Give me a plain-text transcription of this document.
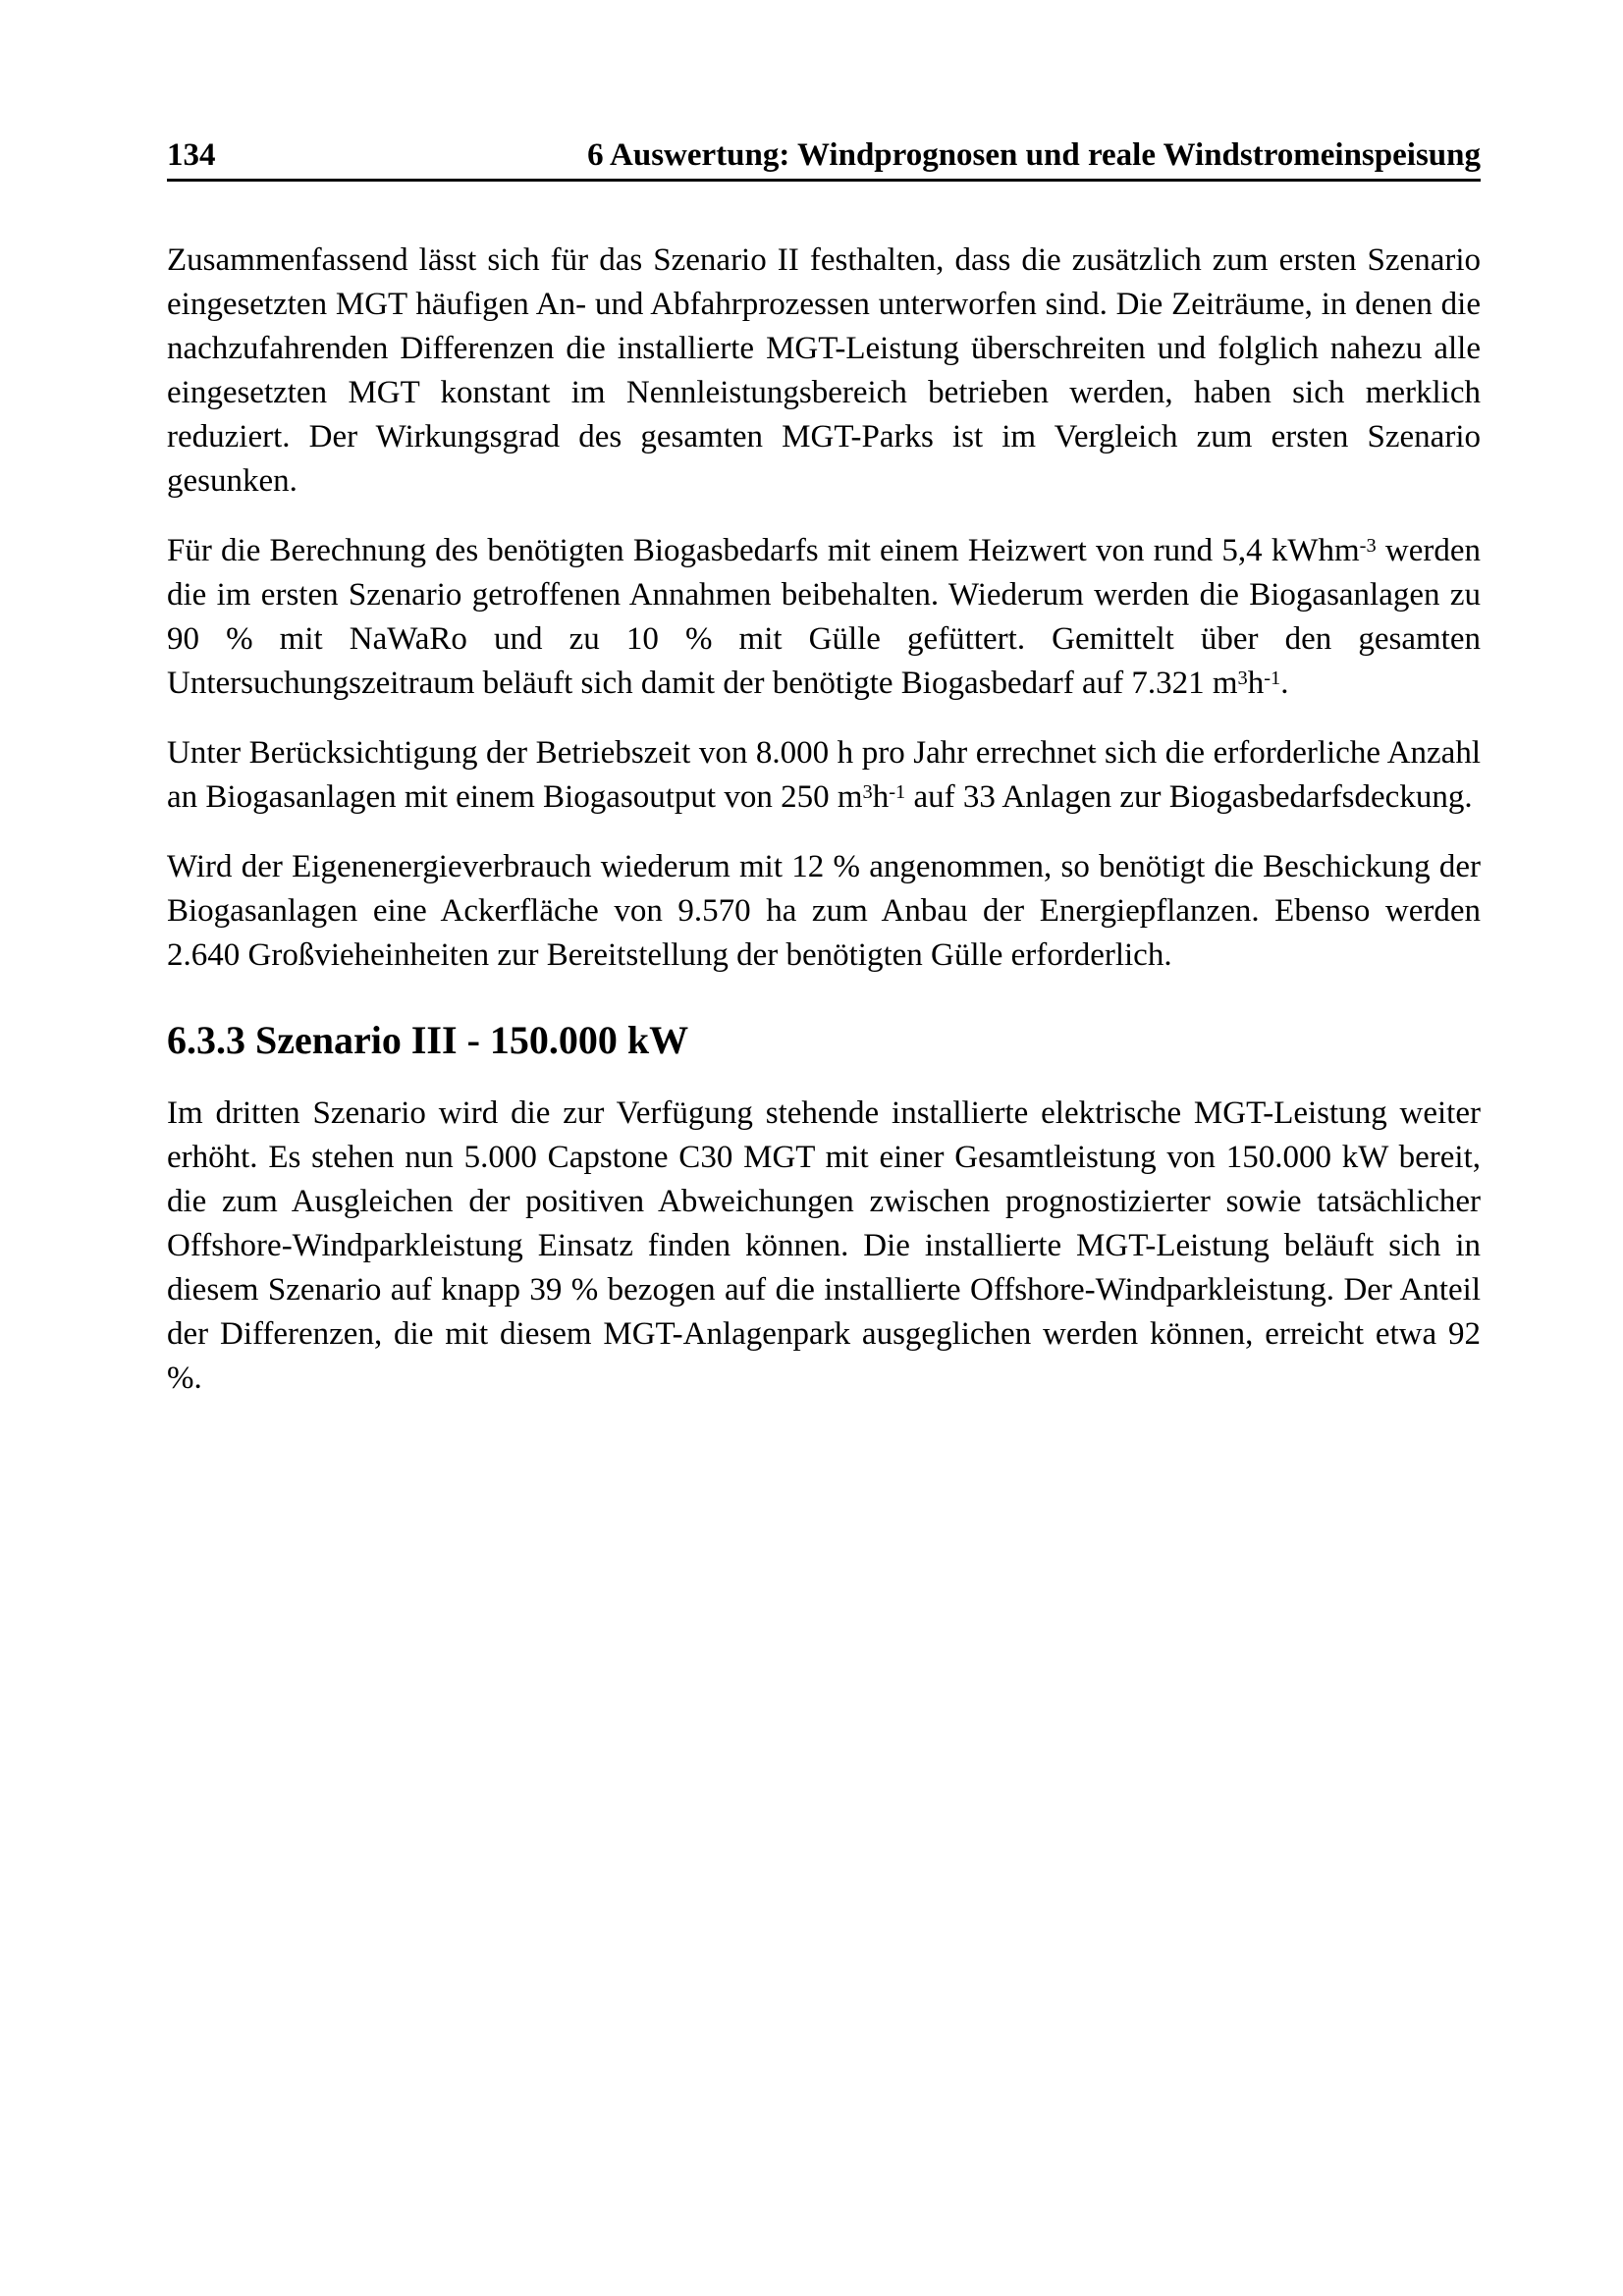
134	6 Auswertung: Windprognosen und reale Windstromeinspeisung

Zusammenfassend lässt sich für das Szenario II festhalten, dass die zusätzlich zum ersten Szenario eingesetzten MGT häufigen An- und Abfahrprozessen unterworfen sind. Die Zeiträume, in denen die nachzufahrenden Differenzen die installierte MGT-Leistung überschreiten und folglich nahezu alle eingesetzten MGT konstant im Nennleistungsbereich betrieben werden, haben sich merklich reduziert. Der Wirkungsgrad des gesamten MGT-Parks ist im Vergleich zum ersten Szenario gesunken.

Für die Berechnung des benötigten Biogasbedarfs mit einem Heizwert von rund 5,4 kWhm$^{-3}$ werden die im ersten Szenario getroffenen Annahmen beibehalten. Wiederum werden die Biogasanlagen zu 90 % mit NaWaRo und zu 10 % mit Gülle gefüttert. Gemittelt über den gesamten Untersuchungszeitraum beläuft sich damit der benötigte Biogasbedarf auf 7.321 $m^3h^{-1}$.

Unter Berücksichtigung der Betriebszeit von 8.000 h pro Jahr errechnet sich die erforderliche Anzahl an Biogasanlagen mit einem Biogasoutput von 250 $m^3h^{-1}$ auf 33 Anlagen zur Biogasbedarfsdeckung.

Wird der Eigenenergieverbrauch wiederum mit 12 % angenommen, so benötigt die Beschickung der Biogasanlagen eine Ackerfläche von 9.570 ha zum Anbau der Energiepflanzen. Ebenso werden 2.640 Großvieheinheiten zur Bereitstellung der benötigten Gülle erforderlich.

6.3.3 Szenario III - 150.000 kW

Im dritten Szenario wird die zur Verfügung stehende installierte elektrische MGT-Leistung weiter erhöht. Es stehen nun 5.000 Capstone C30 MGT mit einer Gesamtleistung von 150.000 kW bereit, die zum Ausgleichen der positiven Abweichungen zwischen prognostizierter sowie tatsächlicher Offshore-Windparkleistung Einsatz finden können. Die installierte MGT-Leistung beläuft sich in diesem Szenario auf knapp 39 % bezogen auf die installierte Offshore-Windparkleistung. Der Anteil der Differenzen, die mit diesem MGT-Anlagenpark ausgeglichen werden können, erreicht etwa 92 %.
